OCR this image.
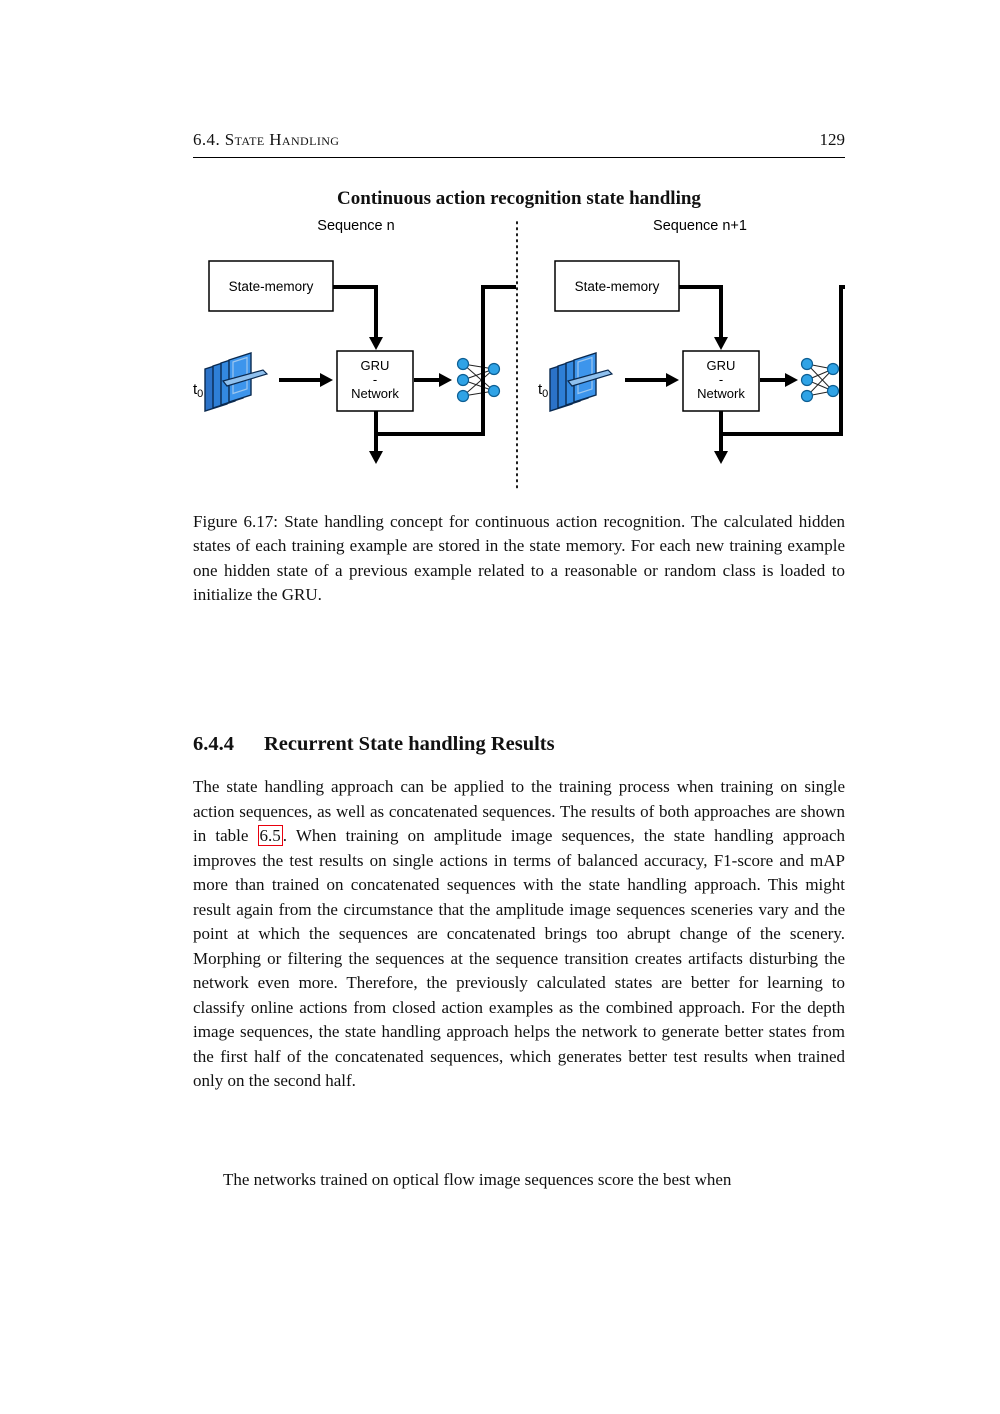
6.4. State Handling	129
Continuous action recognition state handling
Sequence n	Sequence n+1
State-memory
$t_0$
GRU
-
Network
State-memory
$t_0$
GRU
-
Network
Figure 6.17: State handling concept for continuous action recognition. The calculated hidden states of each training example are stored in the state memory. For each new training example one hidden state of a previous example related to a reasonable or random class is loaded to initialize the GRU.
6.4.4 Recurrent State handling Results
The state handling approach can be applied to the training process when training on single action sequences, as well as concatenated sequences. The results of both approaches are shown in table 6.5 . When training on amplitude image sequences, the state handling approach improves the test results on single actions in terms of balanced accuracy, F1-score and mAP more than trained on concatenated sequences with the state handling approach. This might result again from the circumstance that the amplitude image sequences sceneries vary and the point at which the sequences are concatenated brings too abrupt change of the scenery. Morphing or filtering the sequences at the sequence transition creates artifacts disturbing the network even more. Therefore, the previously calculated states are better for learning to classify online actions from closed action examples as the combined approach. For the depth image sequences, the state handling approach helps the network to generate better states from the first half of the concatenated sequences, which generates better test results when trained only on the second half.
The networks trained on optical flow image sequences score the best when
